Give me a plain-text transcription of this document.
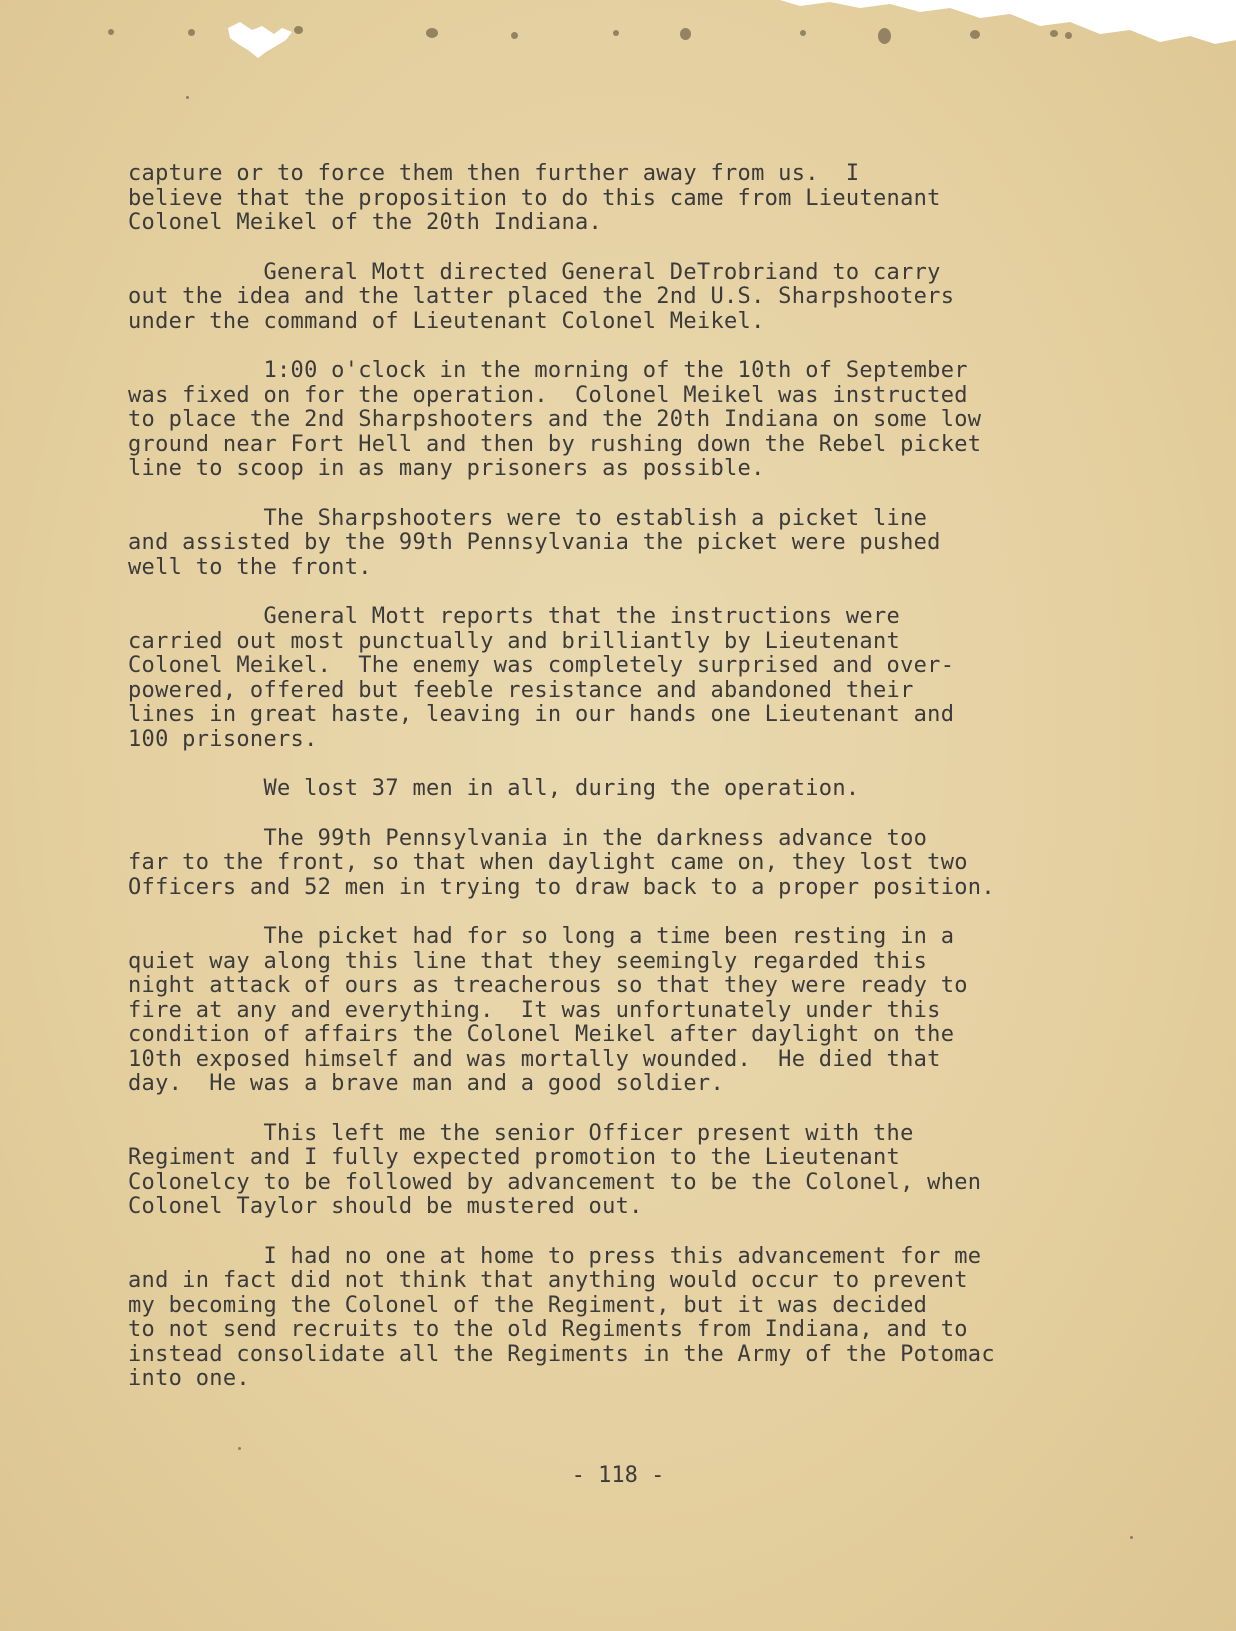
capture or to force them then further away from us.  I
believe that the proposition to do this came from Lieutenant
Colonel Meikel of the 20th Indiana.
General Mott directed General DeTrobriand to carry
out the idea and the latter placed the 2nd U.S. Sharpshooters
under the command of Lieutenant Colonel Meikel.
1:00 o'clock in the morning of the 10th of September
was fixed on for the operation.  Colonel Meikel was instructed
to place the 2nd Sharpshooters and the 20th Indiana on some low
ground near Fort Hell and then by rushing down the Rebel picket
line to scoop in as many prisoners as possible.
The Sharpshooters were to establish a picket line
and assisted by the 99th Pennsylvania the picket were pushed
well to the front.
General Mott reports that the instructions were
carried out most punctually and brilliantly by Lieutenant
Colonel Meikel.  The enemy was completely surprised and over-
powered, offered but feeble resistance and abandoned their
lines in great haste, leaving in our hands one Lieutenant and
100 prisoners.
We lost 37 men in all, during the operation.
The 99th Pennsylvania in the darkness advance too
far to the front, so that when daylight came on, they lost two
Officers and 52 men in trying to draw back to a proper position.
The picket had for so long a time been resting in a
quiet way along this line that they seemingly regarded this
night attack of ours as treacherous so that they were ready to
fire at any and everything.  It was unfortunately under this
condition of affairs the Colonel Meikel after daylight on the
10th exposed himself and was mortally wounded.  He died that
day.  He was a brave man and a good soldier.
This left me the senior Officer present with the
Regiment and I fully expected promotion to the Lieutenant
Colonelcy to be followed by advancement to be the Colonel, when
Colonel Taylor should be mustered out.
I had no one at home to press this advancement for me
and in fact did not think that anything would occur to prevent
my becoming the Colonel of the Regiment, but it was decided
to not send recruits to the old Regiments from Indiana, and to
instead consolidate all the Regiments in the Army of the Potomac
into one.
- 118 -
